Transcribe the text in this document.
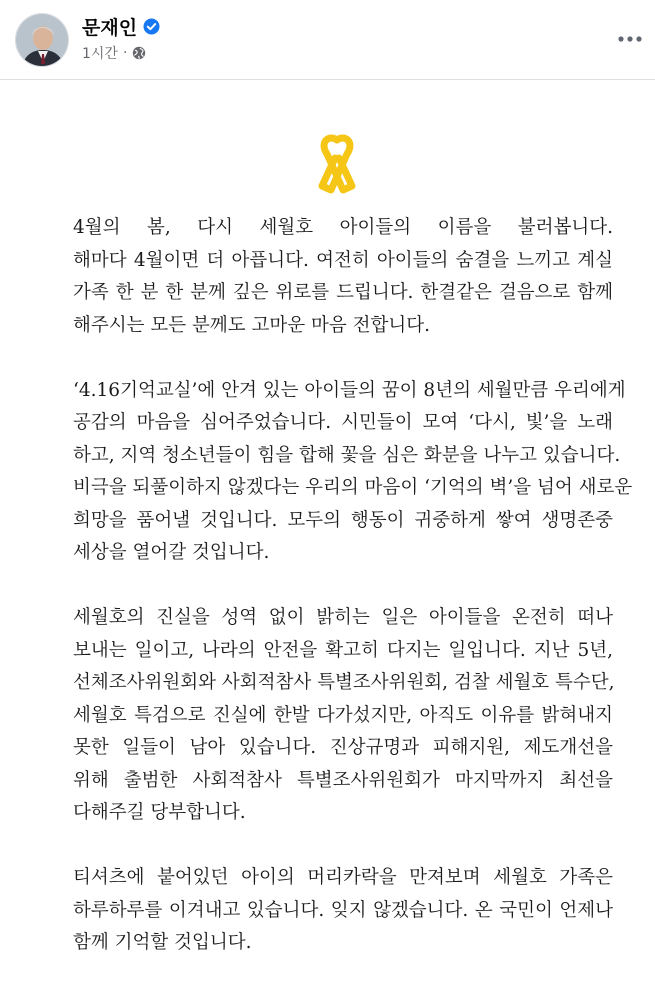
문재인
1시간 ·

4월의 봄, 다시 세월호 아이들의 이름을 불러봅니다.
해마다 4월이면 더 아픕니다. 여전히 아이들의 숨결을 느끼고 계실
가족 한 분 한 분께 깊은 위로를 드립니다. 한결같은 걸음으로 함께
해주시는 모든 분께도 고마운 마음 전합니다.

‘4.16기억교실’에 안겨 있는 아이들의 꿈이 8년의 세월만큼 우리에게
공감의 마음을 심어주었습니다. 시민들이 모여 ‘다시, 빛’을 노래
하고, 지역 청소년들이 힘을 합해 꽃을 심은 화분을 나누고 있습니다.
비극을 되풀이하지 않겠다는 우리의 마음이 ‘기억의 벽’을 넘어 새로운
희망을 품어낼 것입니다. 모두의 행동이 귀중하게 쌓여 생명존중
세상을 열어갈 것입니다.

세월호의 진실을 성역 없이 밝히는 일은 아이들을 온전히 떠나
보내는 일이고, 나라의 안전을 확고히 다지는 일입니다. 지난 5년,
선체조사위원회와 사회적참사 특별조사위원회, 검찰 세월호 특수단,
세월호 특검으로 진실에 한발 다가섰지만, 아직도 이유를 밝혀내지
못한 일들이 남아 있습니다. 진상규명과 피해지원, 제도개선을
위해 출범한 사회적참사 특별조사위원회가 마지막까지 최선을
다해주길 당부합니다.

티셔츠에 붙어있던 아이의 머리카락을 만져보며 세월호 가족은
하루하루를 이겨내고 있습니다. 잊지 않겠습니다. 온 국민이 언제나
함께 기억할 것입니다.
